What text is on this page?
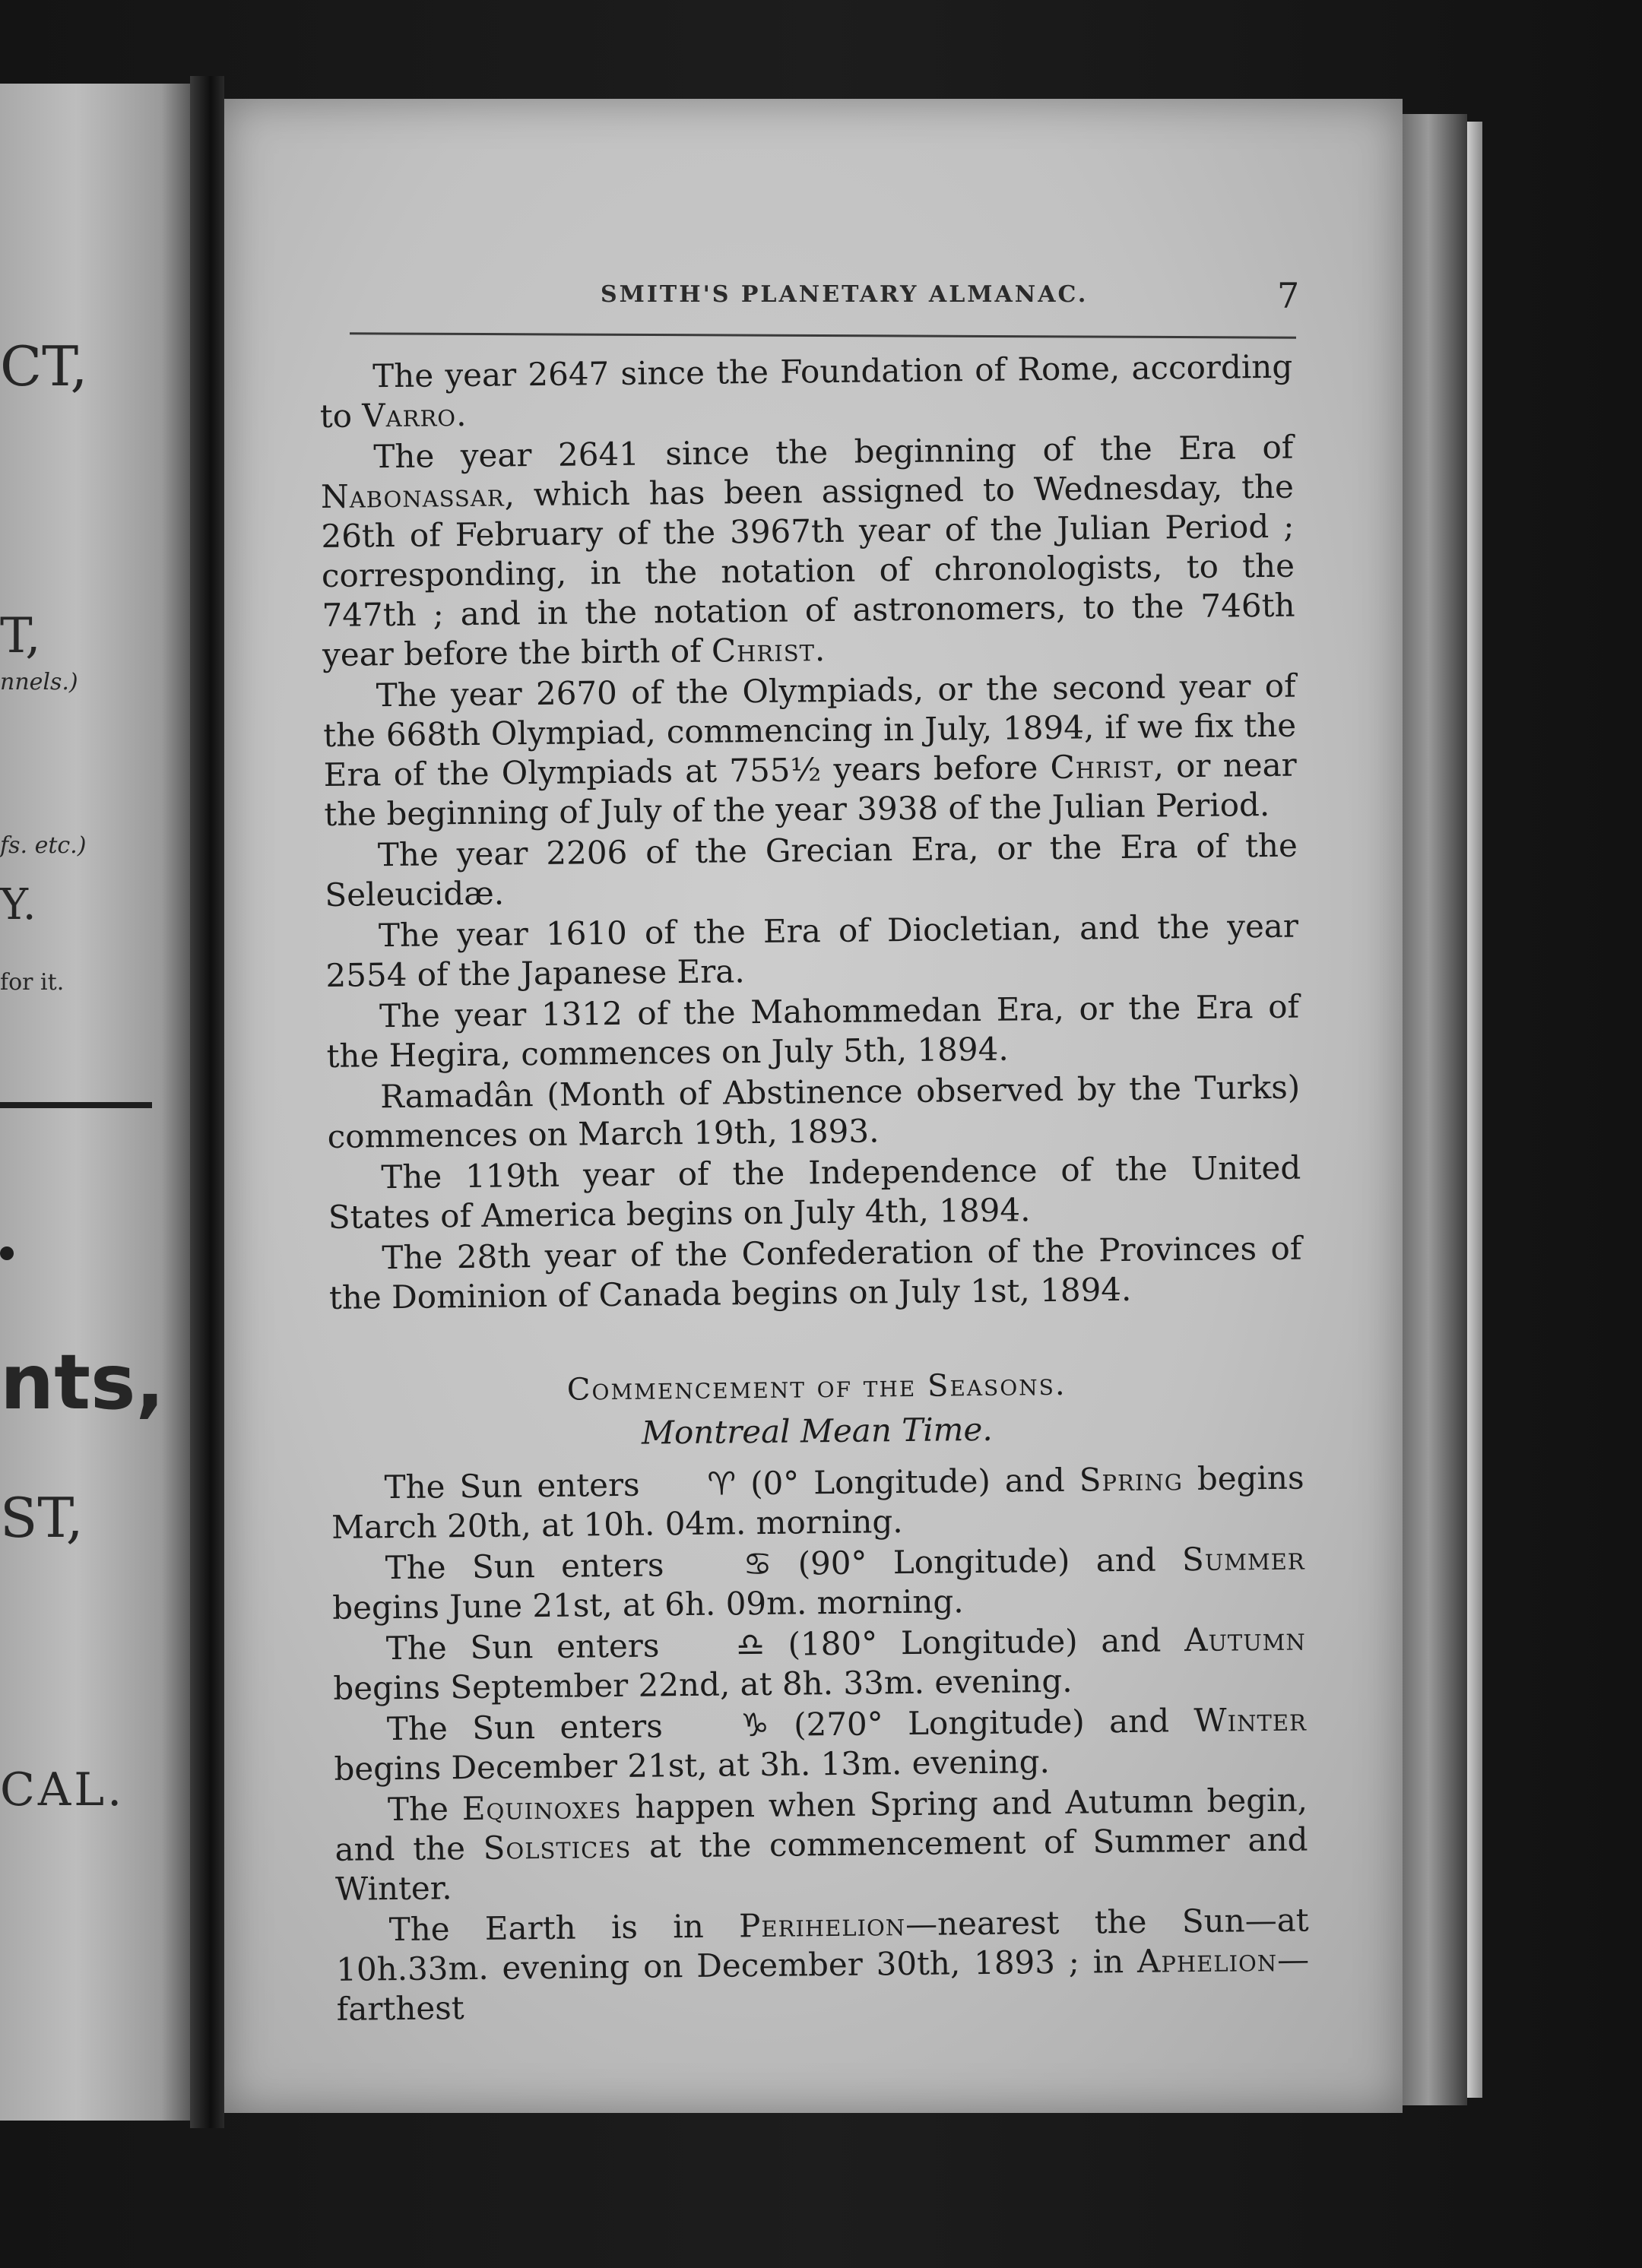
CT,
T,
nnels.)
fs. etc.)
Y.
for it.
nts,
ST,
CAL.
SMITH'S PLANETARY ALMANAC.	7

The year 2647 since the Foundation of Rome, according to Varro.

The year 2641 since the beginning of the Era of Nabonassar, which has been assigned to Wednesday, the 26th of February of the 3967th year of the Julian Period ; corresponding, in the notation of chronologists, to the 747th ; and in the notation of astronomers, to the 746th year before the birth of Christ.

The year 2670 of the Olympiads, or the second year of the 668th Olympiad, commencing in July, 1894, if we fix the Era of the Olympiads at 755½ years before Christ, or near the beginning of July of the year 3938 of the Julian Period.

The year 2206 of the Grecian Era, or the Era of the Seleucidæ.

The year 1610 of the Era of Diocletian, and the year 2554 of the Japanese Era.

The year 1312 of the Mahommedan Era, or the Era of the Hegira, commences on July 5th, 1894.

Ramadân (Month of Abstinence observed by the Turks) commences on March 19th, 1893.

The 119th year of the Independence of the United States of America begins on July 4th, 1894.

The 28th year of the Confederation of the Provinces of the Dominion of Canada begins on July 1st, 1894.

Commencement of the Seasons.

Montreal Mean Time.

The Sun enters ♈ (0° Longitude) and Spring begins March 20th, at 10h. 04m. morning.

The Sun enters ♋ (90° Longitude) and Summer begins June 21st, at 6h. 09m. morning.

The Sun enters ♎ (180° Longitude) and Autumn begins September 22nd, at 8h. 33m. evening.

The Sun enters ♑ (270° Longitude) and Winter begins December 21st, at 3h. 13m. evening.

The Equinoxes happen when Spring and Autumn begin, and the Solstices at the commencement of Summer and Winter.

The Earth is in Perihelion—nearest the Sun—at 10h.33m. evening on December 30th, 1893 ; in Aphelion—farthest
